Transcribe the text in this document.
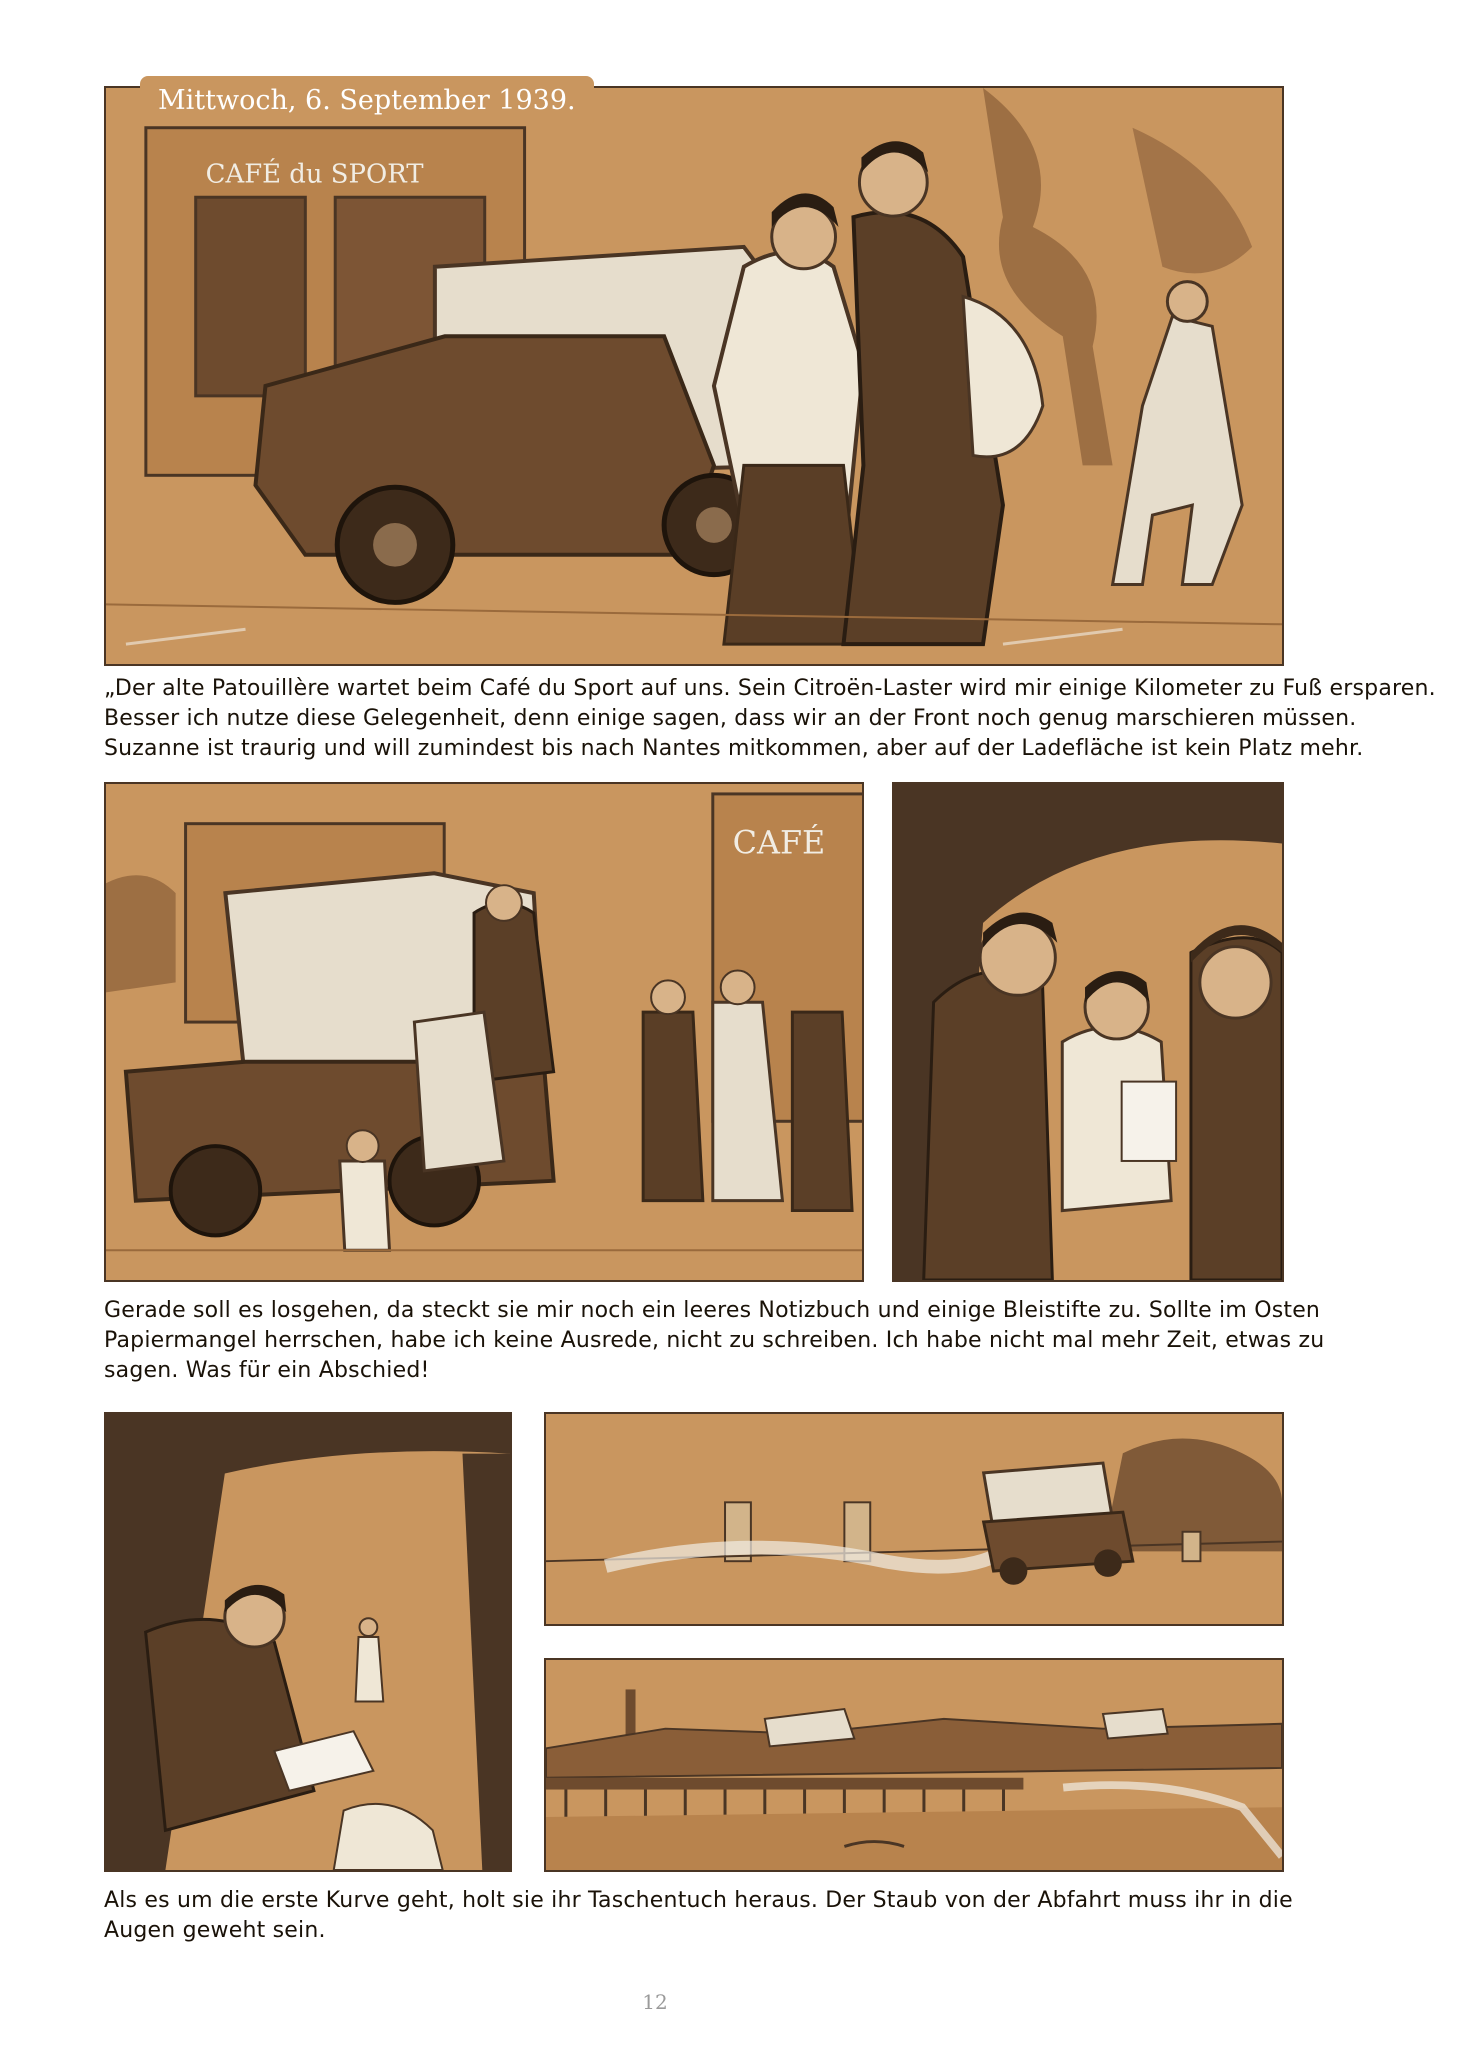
CAFÉ du SPORT
Mittwoch, 6. September 1939.
„Der alte Patouillère wartet beim Café du Sport auf uns. Sein Citroën-Laster wird mir einige Kilometer zu Fuß ersparen.
Besser ich nutze diese Gelegenheit, denn einige sagen, dass wir an der Front noch genug marschieren müssen.
Suzanne ist traurig und will zumindest bis nach Nantes mitkommen, aber auf der Ladefläche ist kein Platz mehr.
CAFÉ
Gerade soll es losgehen, da steckt sie mir noch ein leeres Notizbuch und einige Bleistifte zu. Sollte im Osten
Papiermangel herrschen, habe ich keine Ausrede, nicht zu schreiben. Ich habe nicht mal mehr Zeit, etwas zu
sagen. Was für ein Abschied!
Als es um die erste Kurve geht, holt sie ihr Taschentuch heraus. Der Staub von der Abfahrt muss ihr in die
Augen geweht sein.
12
